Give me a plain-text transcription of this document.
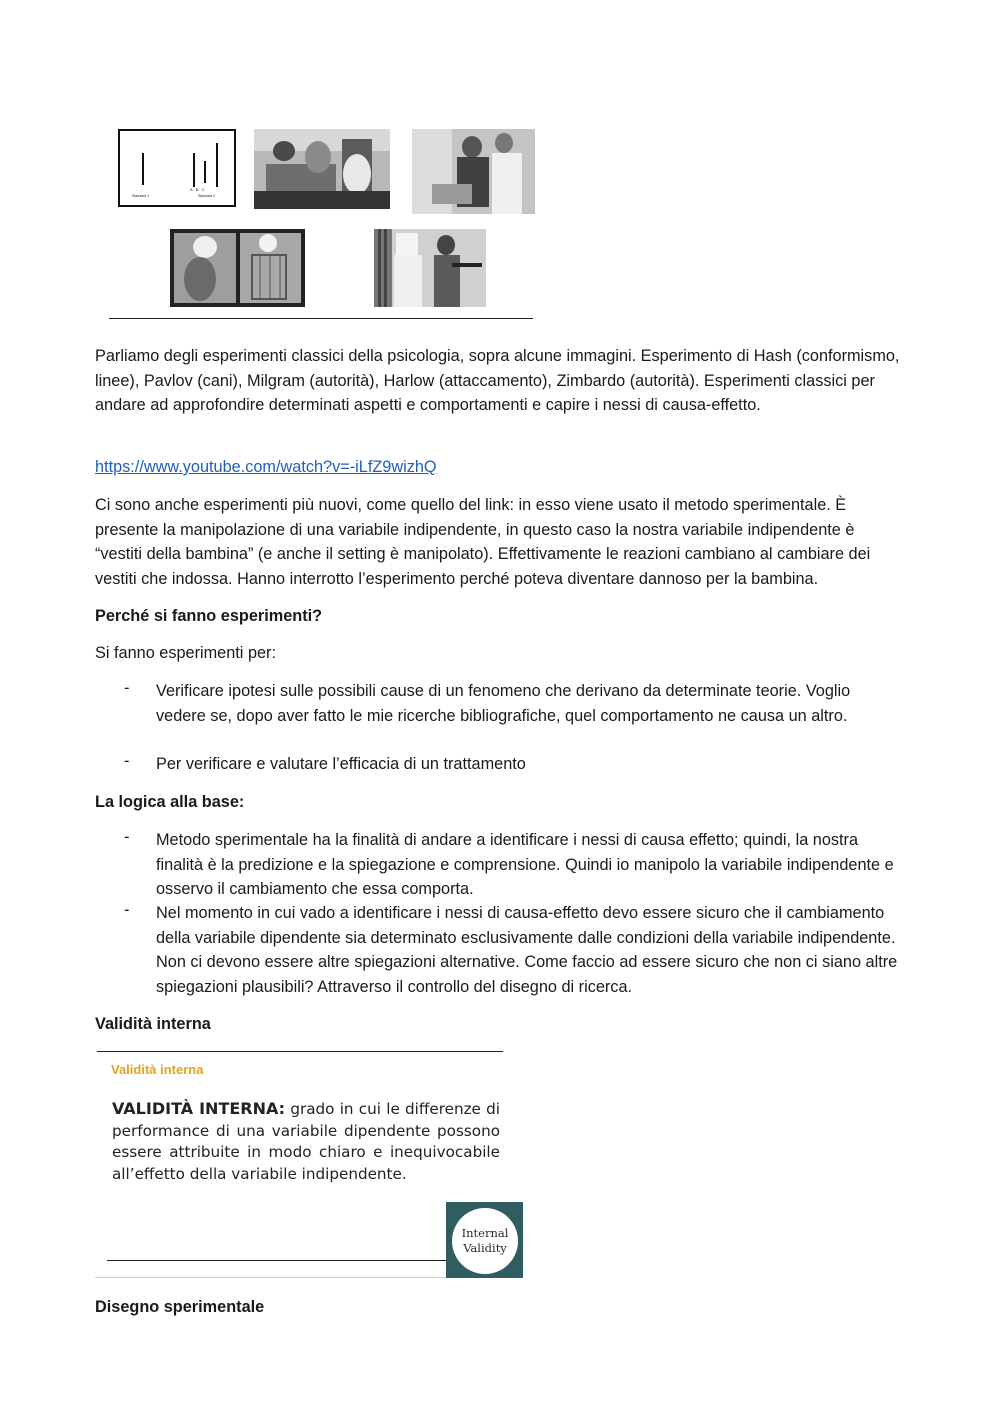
A   B   C
Standard 1	Standard 2

Parliamo degli esperimenti classici della psicologia, sopra alcune immagini. Esperimento di Hash (conformismo, linee), Pavlov (cani), Milgram (autorità), Harlow (attaccamento), Zimbardo (autorità). Esperimenti classici per andare ad approfondire determinati aspetti e comportamenti e capire i nessi di causa-effetto.

https://www.youtube.com/watch?v=-iLfZ9wizhQ

Ci sono anche esperimenti più nuovi, come quello del link: in esso viene usato il metodo sperimentale. È presente la manipolazione di una variabile indipendente, in questo caso la nostra variabile indipendente è “vestiti della bambina” (e anche il setting è manipolato). Effettivamente le reazioni cambiano al cambiare dei vestiti che indossa. Hanno interrotto l’esperimento perché poteva diventare dannoso per la bambina.

Perché si fanno esperimenti?

Si fanno esperimenti per:

- Verificare ipotesi sulle possibili cause di un fenomeno che derivano da determinate teorie. Voglio vedere se, dopo aver fatto le mie ricerche bibliografiche, quel comportamento ne causa un altro.
- Per verificare e valutare l’efficacia di un trattamento

La logica alla base:

- Metodo sperimentale ha la finalità di andare a identificare i nessi di causa effetto; quindi, la nostra finalità è la predizione e la spiegazione e comprensione. Quindi io manipolo la variabile indipendente e osservo il cambiamento che essa comporta.
- Nel momento in cui vado a identificare i nessi di causa-effetto devo essere sicuro che il cambiamento della variabile dipendente sia determinato esclusivamente dalle condizioni della variabile indipendente. Non ci devono essere altre spiegazioni alternative. Come faccio ad essere sicuro che non ci siano altre spiegazioni plausibili? Attraverso il controllo del disegno di ricerca.

Validità interna

Validità interna
VALIDITÀ INTERNA: grado in cui le differenze di performance di una variabile dipendente possono essere attribuite in modo chiaro e inequivocabile all’effetto della variabile indipendente.
Internal Validity

Disegno sperimentale
